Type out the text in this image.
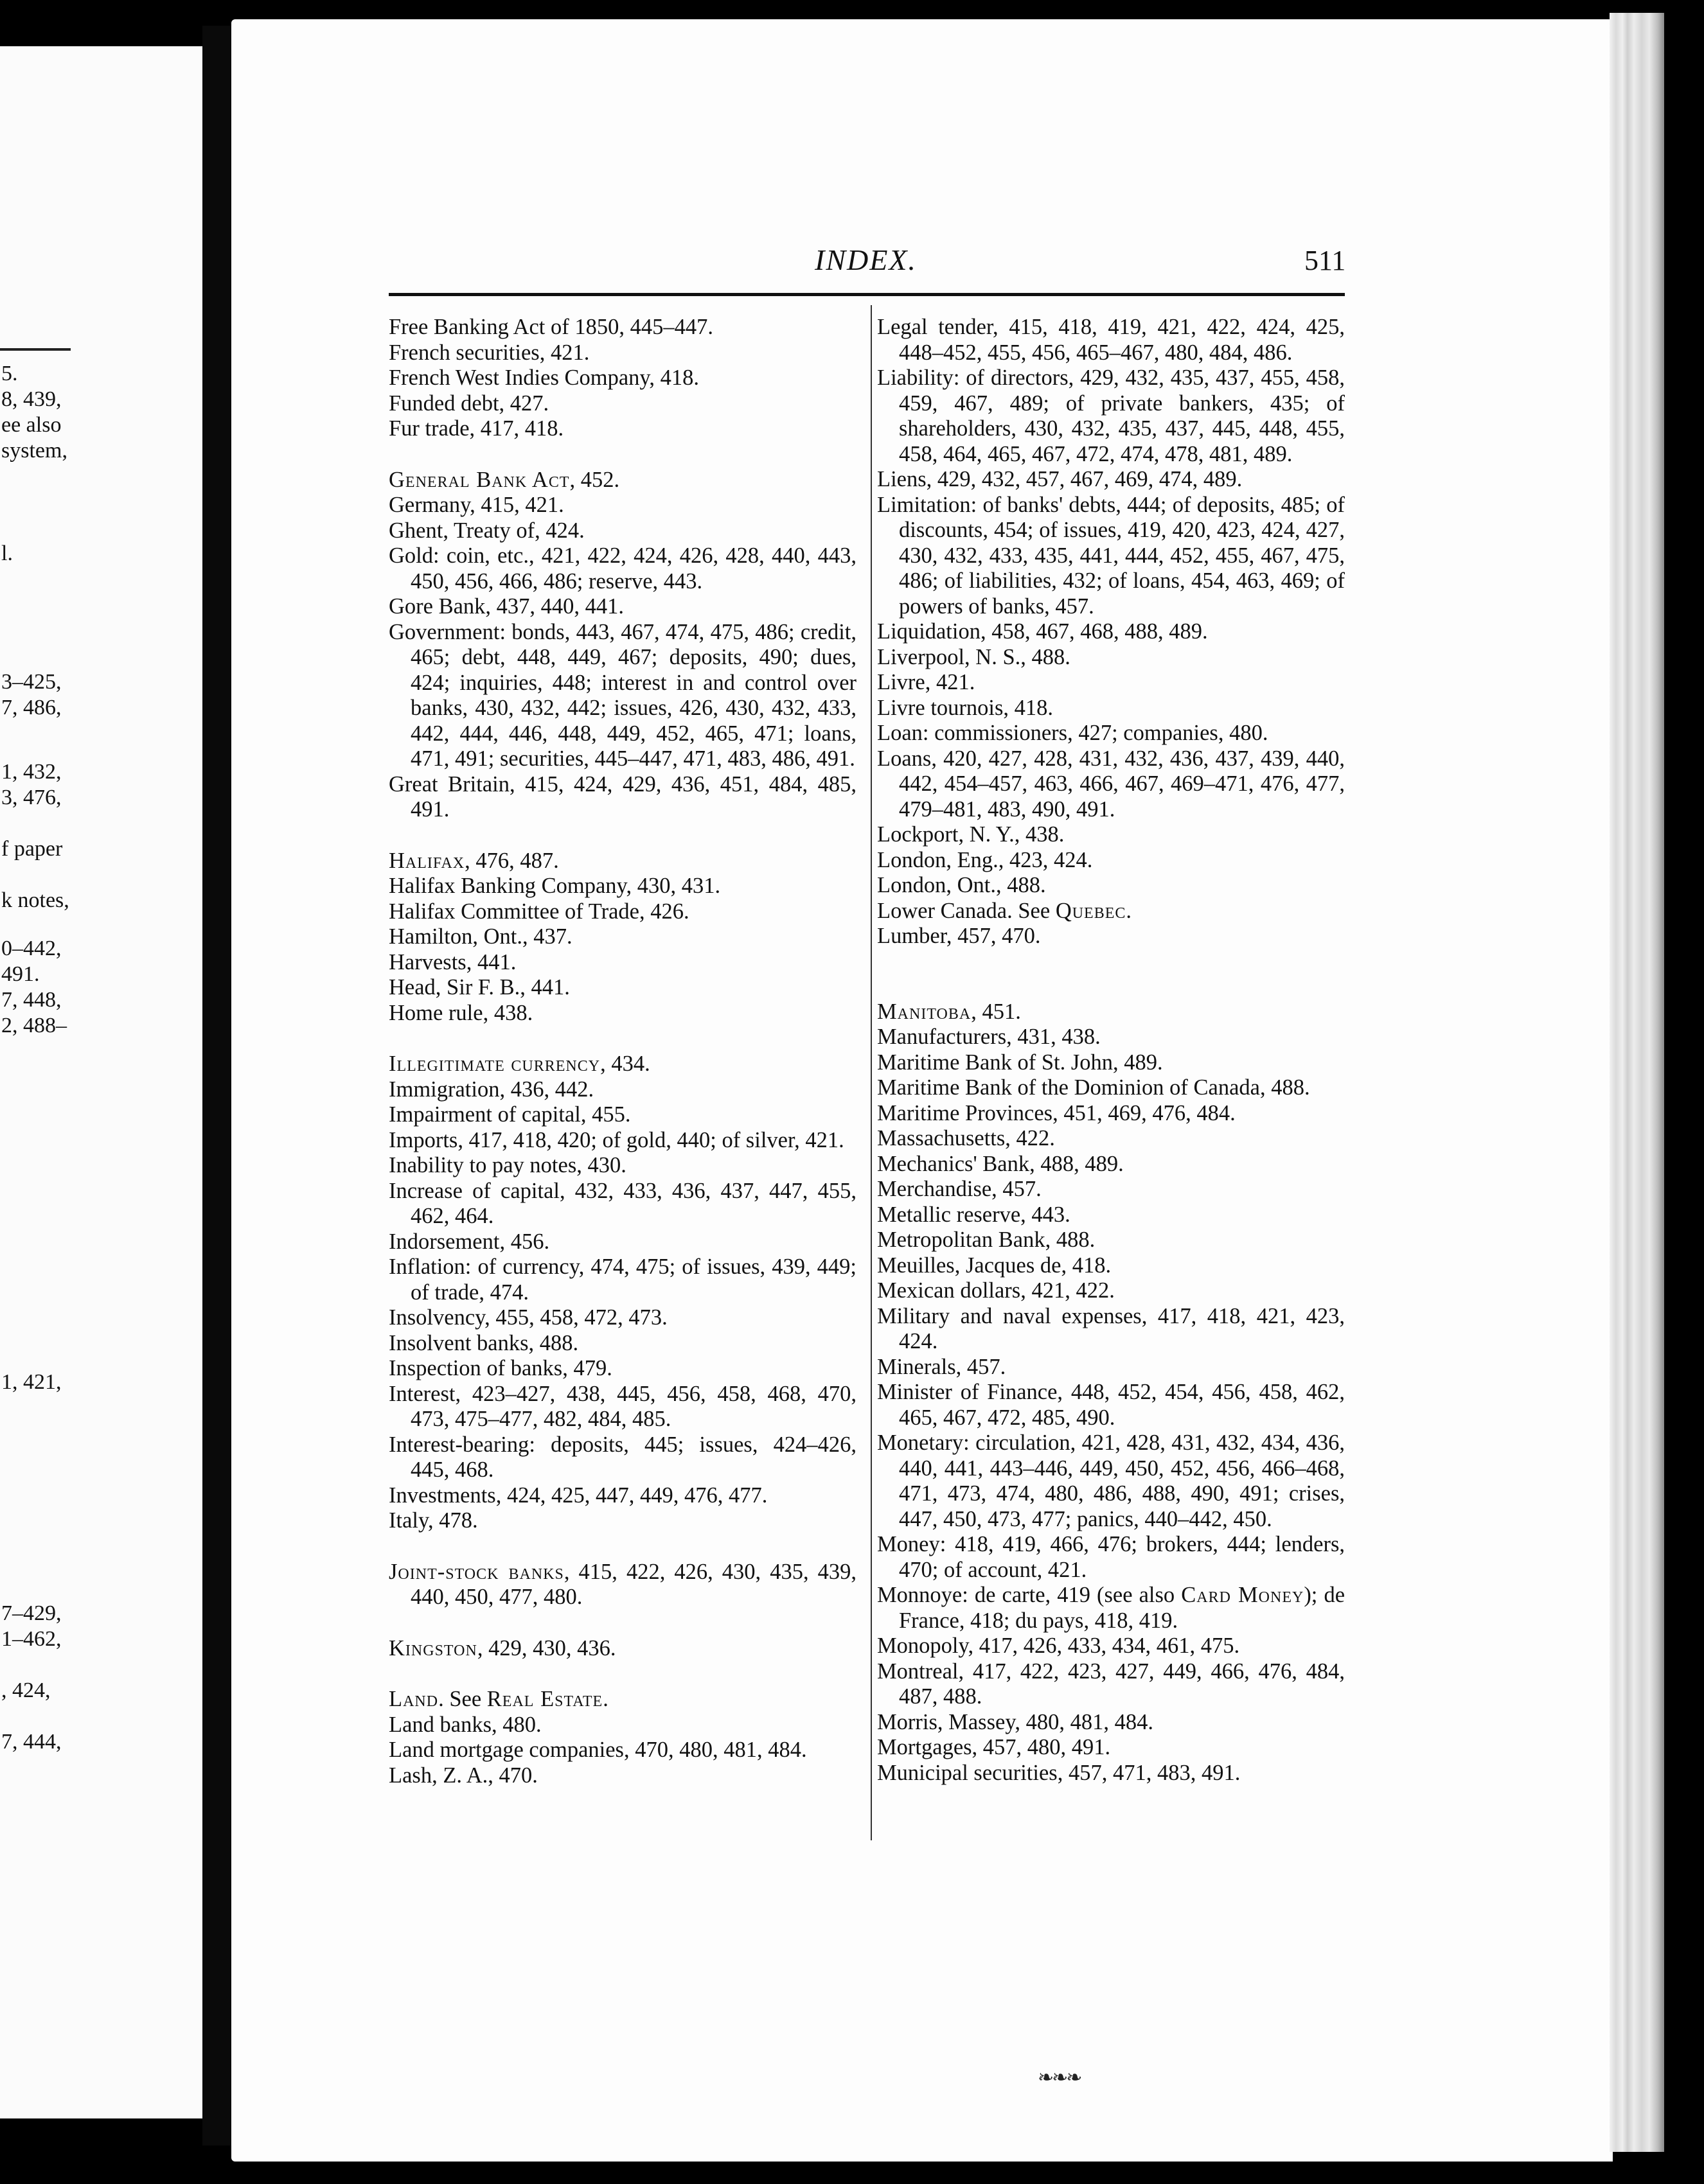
5.
8, 439,
ee also
system,
l.
3–425,
7, 486,
1, 432,
3, 476,
f paper
k notes,
0–442,
491.
7, 448,
2, 488–
1, 421,
7–429,
1–462,
, 424,
7, 444,
INDEX.	511
Free Banking Act of 1850, 445–447.
French securities, 421.
French West Indies Company, 418.
Funded debt, 427.
Fur trade, 417, 418.
General Bank Act, 452.
Germany, 415, 421.
Ghent, Treaty of, 424.
Gold: coin, etc., 421, 422, 424, 426, 428, 440, 443, 450, 456, 466, 486; reserve, 443.
Gore Bank, 437, 440, 441.
Government: bonds, 443, 467, 474, 475, 486; credit, 465; debt, 448, 449, 467; deposits, 490; dues, 424; inquiries, 448; interest in and control over banks, 430, 432, 442; issues, 426, 430, 432, 433, 442, 444, 446, 448, 449, 452, 465, 471; loans, 471, 491; securities, 445–447, 471, 483, 486, 491.
Great Britain, 415, 424, 429, 436, 451, 484, 485, 491.
Halifax, 476, 487.
Halifax Banking Company, 430, 431.
Halifax Committee of Trade, 426.
Hamilton, Ont., 437.
Harvests, 441.
Head, Sir F. B., 441.
Home rule, 438.
Illegitimate currency, 434.
Immigration, 436, 442.
Impairment of capital, 455.
Imports, 417, 418, 420; of gold, 440; of silver, 421.
Inability to pay notes, 430.
Increase of capital, 432, 433, 436, 437, 447, 455, 462, 464.
Indorsement, 456.
Inflation: of currency, 474, 475; of issues, 439, 449; of trade, 474.
Insolvency, 455, 458, 472, 473.
Insolvent banks, 488.
Inspection of banks, 479.
Interest, 423–427, 438, 445, 456, 458, 468, 470, 473, 475–477, 482, 484, 485.
Interest-bearing: deposits, 445; issues, 424–426, 445, 468.
Investments, 424, 425, 447, 449, 476, 477.
Italy, 478.
Joint-stock banks, 415, 422, 426, 430, 435, 439, 440, 450, 477, 480.
Kingston, 429, 430, 436.
Land. See Real Estate.
Land banks, 480.
Land mortgage companies, 470, 480, 481, 484.
Lash, Z. A., 470.
Legal tender, 415, 418, 419, 421, 422, 424, 425, 448–452, 455, 456, 465–467, 480, 484, 486.
Liability: of directors, 429, 432, 435, 437, 455, 458, 459, 467, 489; of private bankers, 435; of shareholders, 430, 432, 435, 437, 445, 448, 455, 458, 464, 465, 467, 472, 474, 478, 481, 489.
Liens, 429, 432, 457, 467, 469, 474, 489.
Limitation: of banks' debts, 444; of deposits, 485; of discounts, 454; of issues, 419, 420, 423, 424, 427, 430, 432, 433, 435, 441, 444, 452, 455, 467, 475, 486; of liabilities, 432; of loans, 454, 463, 469; of powers of banks, 457.
Liquidation, 458, 467, 468, 488, 489.
Liverpool, N. S., 488.
Livre, 421.
Livre tournois, 418.
Loan: commissioners, 427; companies, 480.
Loans, 420, 427, 428, 431, 432, 436, 437, 439, 440, 442, 454–457, 463, 466, 467, 469–471, 476, 477, 479–481, 483, 490, 491.
Lockport, N. Y., 438.
London, Eng., 423, 424.
London, Ont., 488.
Lower Canada. See Quebec.
Lumber, 457, 470.
Manitoba, 451.
Manufacturers, 431, 438.
Maritime Bank of St. John, 489.
Maritime Bank of the Dominion of Canada, 488.
Maritime Provinces, 451, 469, 476, 484.
Massachusetts, 422.
Mechanics' Bank, 488, 489.
Merchandise, 457.
Metallic reserve, 443.
Metropolitan Bank, 488.
Meuilles, Jacques de, 418.
Mexican dollars, 421, 422.
Military and naval expenses, 417, 418, 421, 423, 424.
Minerals, 457.
Minister of Finance, 448, 452, 454, 456, 458, 462, 465, 467, 472, 485, 490.
Monetary: circulation, 421, 428, 431, 432, 434, 436, 440, 441, 443–446, 449, 450, 452, 456, 466–468, 471, 473, 474, 480, 486, 488, 490, 491; crises, 447, 450, 473, 477; panics, 440–442, 450.
Money: 418, 419, 466, 476; brokers, 444; lenders, 470; of account, 421.
Monnoye: de carte, 419 (see also Card Money); de France, 418; du pays, 418, 419.
Monopoly, 417, 426, 433, 434, 461, 475.
Montreal, 417, 422, 423, 427, 449, 466, 476, 484, 487, 488.
Morris, Massey, 480, 481, 484.
Mortgages, 457, 480, 491.
Municipal securities, 457, 471, 483, 491.
❧❧❧
